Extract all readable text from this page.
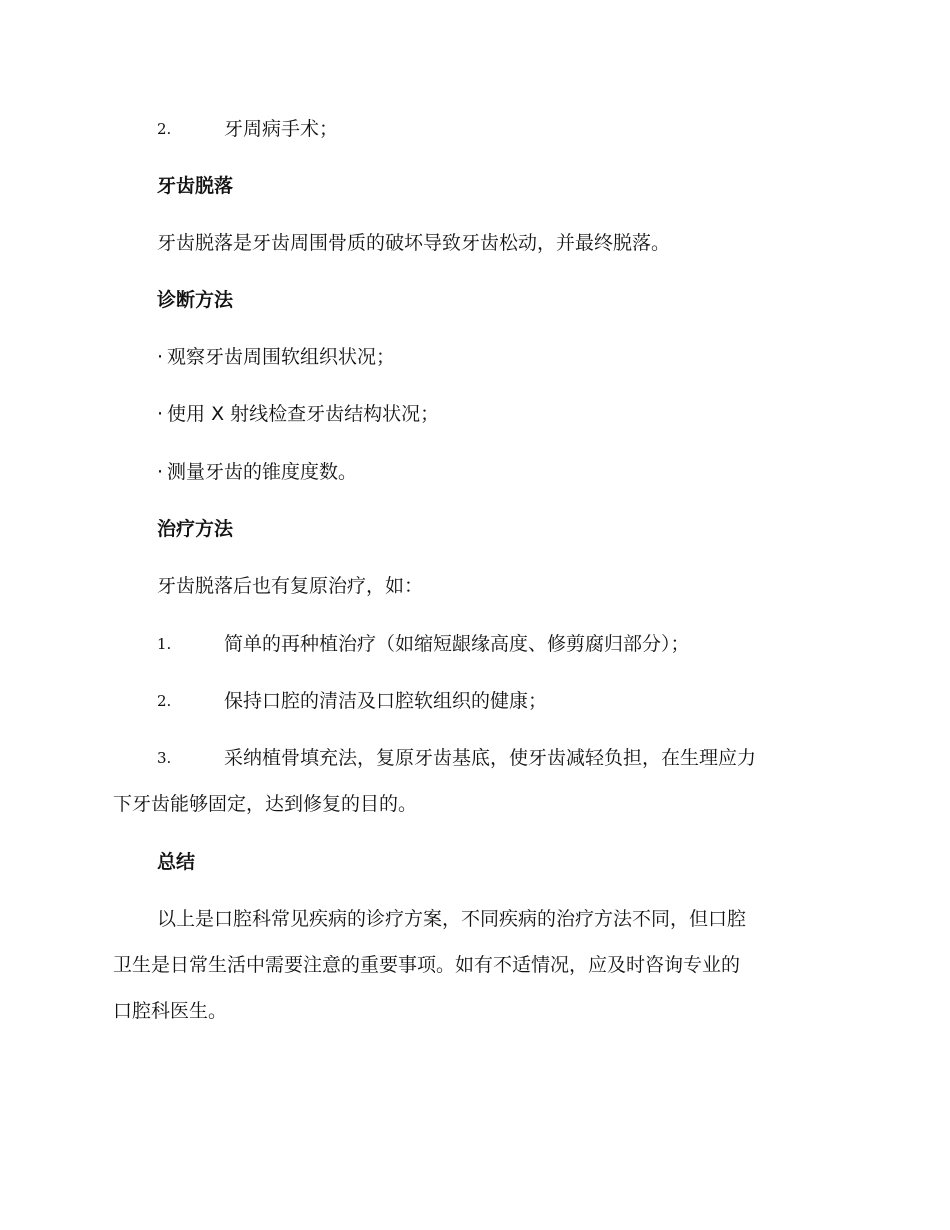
2.	牙周病手术；

牙齿脱落

牙齿脱落是牙齿周围骨质的破坏导致牙齿松动，并最终脱落。

诊断方法

· 观察牙齿周围软组织状况；
· 使用 X 射线检查牙齿结构状况；
· 测量牙齿的锥度度数。

治疗方法

牙齿脱落后也有复原治疗，如：

1.	简单的再种植治疗（如缩短龈缘高度、修剪腐归部分）；
2.	保持口腔的清洁及口腔软组织的健康；
3.	采纳植骨填充法，复原牙齿基底，使牙齿减轻负担，在生理应力

下牙齿能够固定，达到修复的目的。

总结

以上是口腔科常见疾病的诊疗方案，不同疾病的治疗方法不同，但口腔

卫生是日常生活中需要注意的重要事项。如有不适情况，应及时咨询专业的

口腔科医生。
